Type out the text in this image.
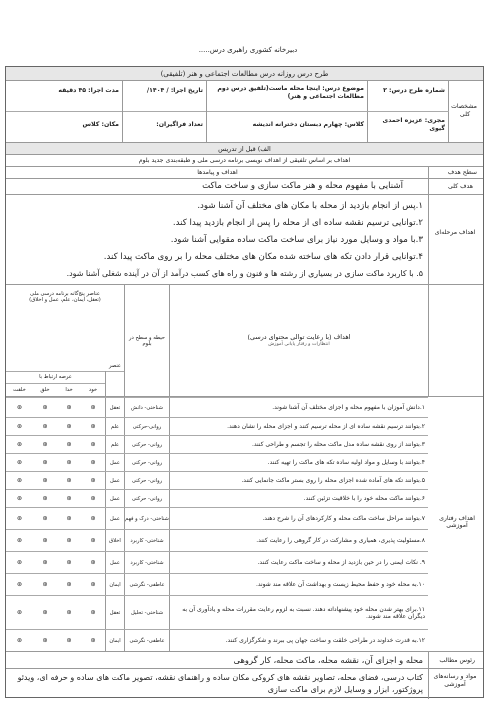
دبیرخانه کشوری راهبری درس.....
طرح درس روزانه درس مطالعات اجتماعی و هنر (تلفیقی)
مشخصات کلی
شماره طرح درس: ۲
موضوع درس: اینجا محله ماست(تلفیق درس دوم مطالعات اجتماعی و هنر)
تاریخ اجرا: / ۱۴۰۴/
مدت اجرا: ۴۵ دقیقه
مجری: عزیزه احمدی گیوی
کلاس: چهارم دبستان دخترانه اندیشه
تعداد فراگیران:
مکان: کلاس
الف) قبل از تدریس
اهداف بر اساس تلفیقی از اهداف نویسی برنامه درسی ملی و طبقه‌بندی جدید بلوم
سطح هدف
اهداف و پیامدها
هدف کلی
آشنایی با مفهوم محله و هنر ماکت سازی و ساخت ماکت
اهداف مرحله‌ای
۱.پس از انجام بازدید از محله با مکان های مختلف آن آشنا شود.
۲.توانایی ترسیم نقشه ساده ای از محله را پس از انجام بازدید پیدا کند.
۳.با مواد و وسایل مورد نیاز برای ساخت ماکت ساده مقوایی آشنا شود.
۴.توانایی قرار دادن تکه های ساخته شده مکان های مختلف محله را بر روی ماکت پیدا کند.
۵. با کاربرد ماکت سازی در بسیاری از رشته ها و فنون و راه های کسب درآمد از آن در آینده شغلی آشنا شود.
اهداف (با رعایت توالی محتوای درسی)
انتظارات و رفتار پایانی آموزش
حیطه و سطح در بلوم
عنصر
عناصر پنج‌گانه برنامه درسی ملی
(تعقل، ایمان، علم، عمل و اخلاق)
عرصه ارتباط با
خود
خدا
خلق
خلقت
اهداف رفتاری آموزشی
۱.دانش آموزان با مفهوم محله و اجزای مختلف آن آشنا شوند.
شناختی- دانش
تعقل
⊛
⊛
⊛
⊛
۲.بتوانند ترسیم نقشه ساده ای از محله ترسیم کنند و اجزای محله را نشان دهند.
روانی-حرکتی
علم
⊛
⊛
⊛
⊛
۳.بتوانند از روی نقشه ساده مدل ماکت محله را تجسم و طراحی کنند.
روانی- حرکتی
علم
⊛
⊛
⊛
⊛
۴.بتوانند با وسایل و مواد اولیه ساده تکه های ماکت را تهیه کنند.
روانی- حرکتی
عمل
⊛
⊛
⊛
⊛
۵.بتوانند تکه های آماده شده اجزای محله را روی بستر ماکت جانمایی کنند.
روانی- حرکتی
عمل
⊛
⊛
⊛
⊛
۶.بتوانند ماکت محله خود را با خلاقیت تزئین کنند.
روانی- حرکتی
عمل
⊛
⊛
⊛
⊛
۷.بتوانند مراحل ساخت ماکت محله و کارکردهای آن را شرح دهند.
شناختی- درک و فهم
عمل
⊛
⊛
⊛
⊛
۸.مسئولیت پذیری، همیاری و مشارکت در کار گروهی را رعایت کنند.
شناختی- کاربرد
اخلاق
⊛
⊛
⊛
⊛
۹. نکات ایمنی را در حین بازدید از محله و ساخت ماکت رعایت کنند.
شناختی- کاربرد
عمل
⊛
⊛
⊛
⊛
۱۰.به محله خود و حفظ محیط زیست و بهداشت آن علاقه مند شوند.
عاطفی- نگرشی
ایمان
⊛
⊛
⊛
⊛
۱۱.برای بهتر شدن محله خود پیشنهاداته دهند. نسبت به لزوم رعایت مقررات محله و یادآوری آن به دیگران علاقه مند شوند.
شناختی- تحلیل
تعقل
⊛
⊛
⊛
⊛
۱۲.به قدرت خداوند در طراحی خلقت و ساخت جهان پی ببرند و شکرگزاری کنند.
عاطفی- نگرشی
ایمان
⊛
⊛
⊛
⊛
رئوس مطالب
محله و اجزای آن، نقشه محله، ماکت محله، کار گروهی
مواد و رسانه‌های آموزشی
کتاب درسی، فضای محله، تصاویر نقشه های کروکی مکان ساده و راهنمای نقشه، تصویر ماکت های ساده و حرفه ای، ویدئو پروژکتور، ابزار و وسایل لازم برای ماکت سازی
